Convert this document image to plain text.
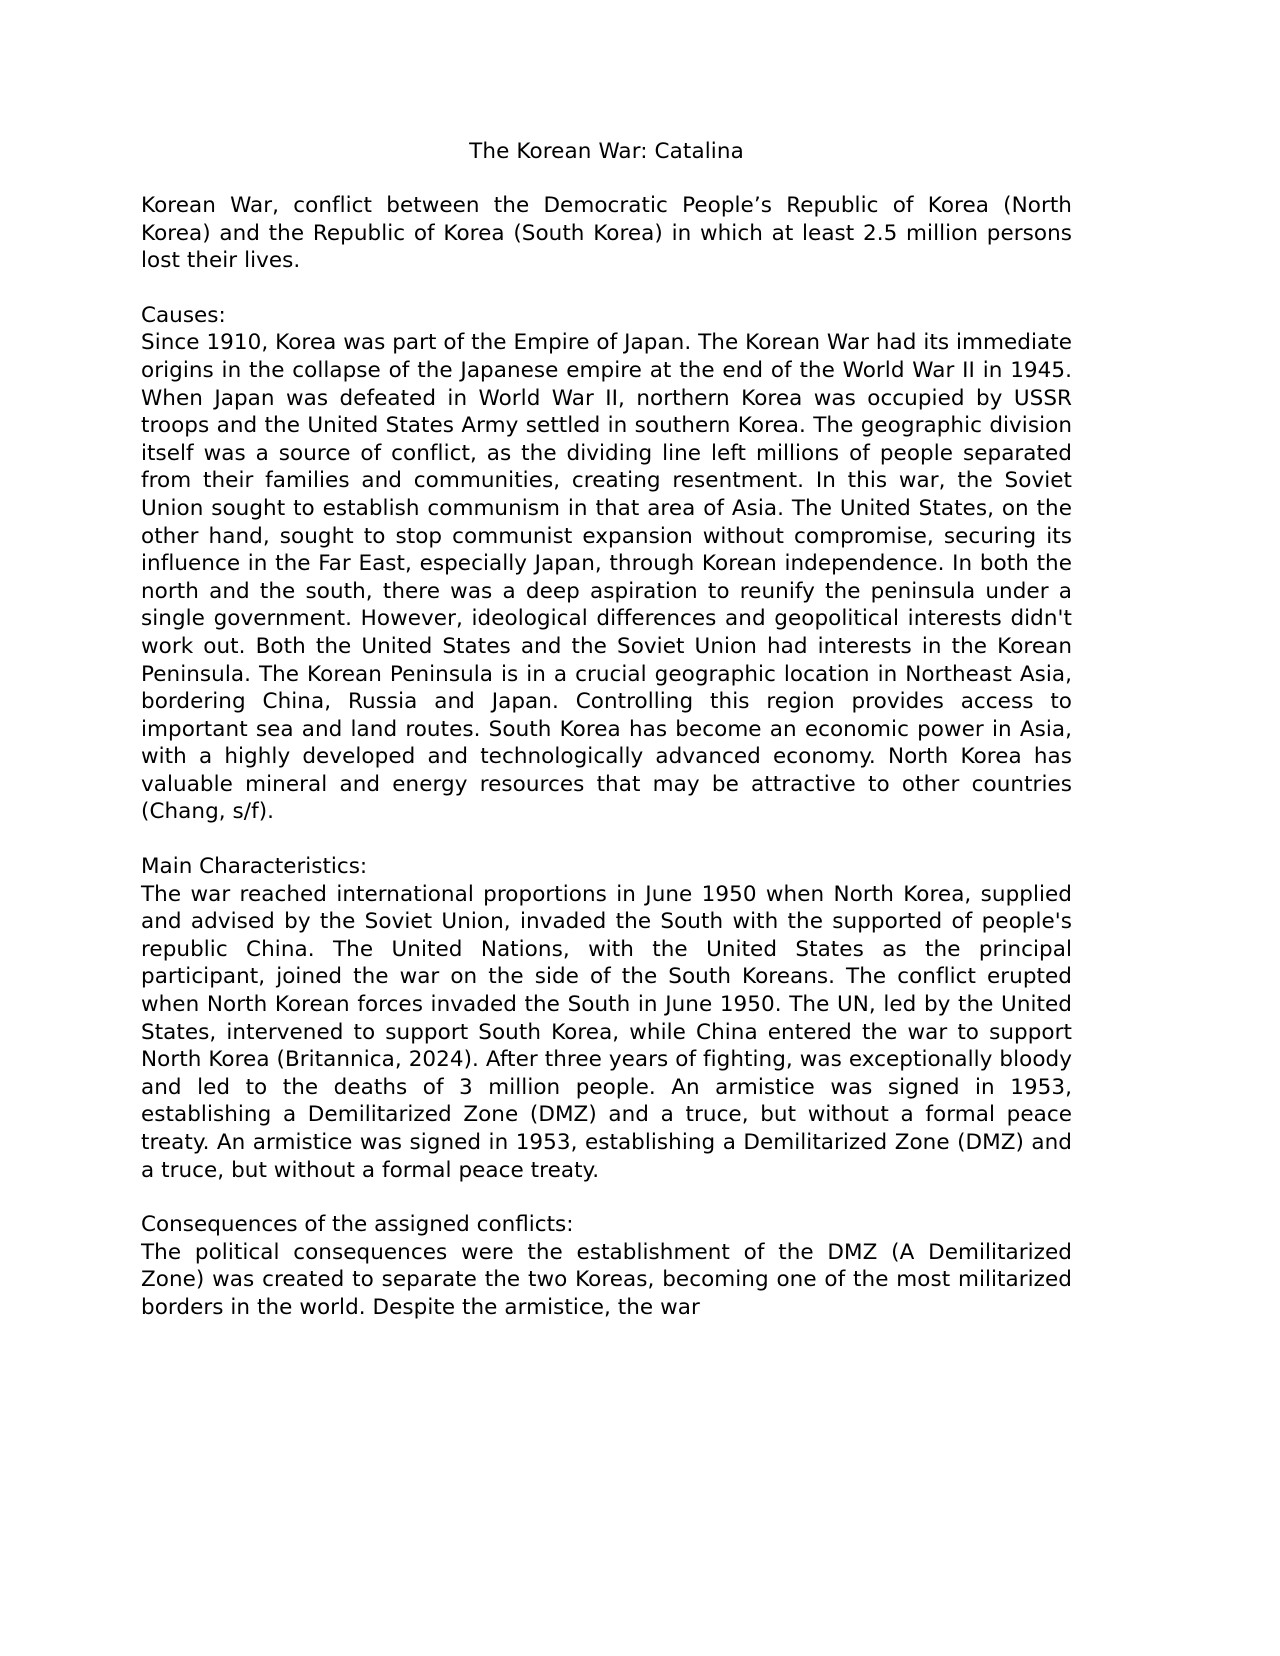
The Korean War: Catalina

Korean War, conflict between the Democratic People’s Republic of Korea (North Korea) and the Republic of Korea (South Korea) in which at least 2.5 million persons lost their lives.

Causes:

Since 1910, Korea was part of the Empire of Japan. The Korean War had its immediate origins in the collapse of the Japanese empire at the end of the World War II in 1945. When Japan was defeated in World War II, northern Korea was occupied by USSR troops and the United States Army settled in southern Korea. The geographic division itself was a source of conflict, as the dividing line left millions of people separated from their families and communities, creating resentment. In this war, the Soviet Union sought to establish communism in that area of Asia. The United States, on the other hand, sought to stop communist expansion without compromise, securing its influence in the Far East, especially Japan, through Korean independence. In both the north and the south, there was a deep aspiration to reunify the peninsula under a single government. However, ideological differences and geopolitical interests didn't work out. Both the United States and the Soviet Union had interests in the Korean Peninsula. The Korean Peninsula is in a crucial geographic location in Northeast Asia, bordering China, Russia and Japan. Controlling this region provides access to important sea and land routes. South Korea has become an economic power in Asia, with a highly developed and technologically advanced economy. North Korea has valuable mineral and energy resources that may be attractive to other countries (Chang, s/f).

Main Characteristics:

The war reached international proportions in June 1950 when North Korea, supplied and advised by the Soviet Union, invaded the South with the supported of people's republic China. The United Nations, with the United States as the principal participant, joined the war on the side of the South Koreans. The conflict erupted when North Korean forces invaded the South in June 1950. The UN, led by the United States, intervened to support South Korea, while China entered the war to support North Korea (Britannica, 2024). After three years of fighting, was exceptionally bloody and led to the deaths of 3 million people. An armistice was signed in 1953, establishing a Demilitarized Zone (DMZ) and a truce, but without a formal peace treaty. An armistice was signed in 1953, establishing a Demilitarized Zone (DMZ) and a truce, but without a formal peace treaty.

Consequences of the assigned conflicts:

The political consequences were the establishment of the DMZ (A Demilitarized Zone) was created to separate the two Koreas, becoming one of the most militarized borders in the world. Despite the armistice, the war
